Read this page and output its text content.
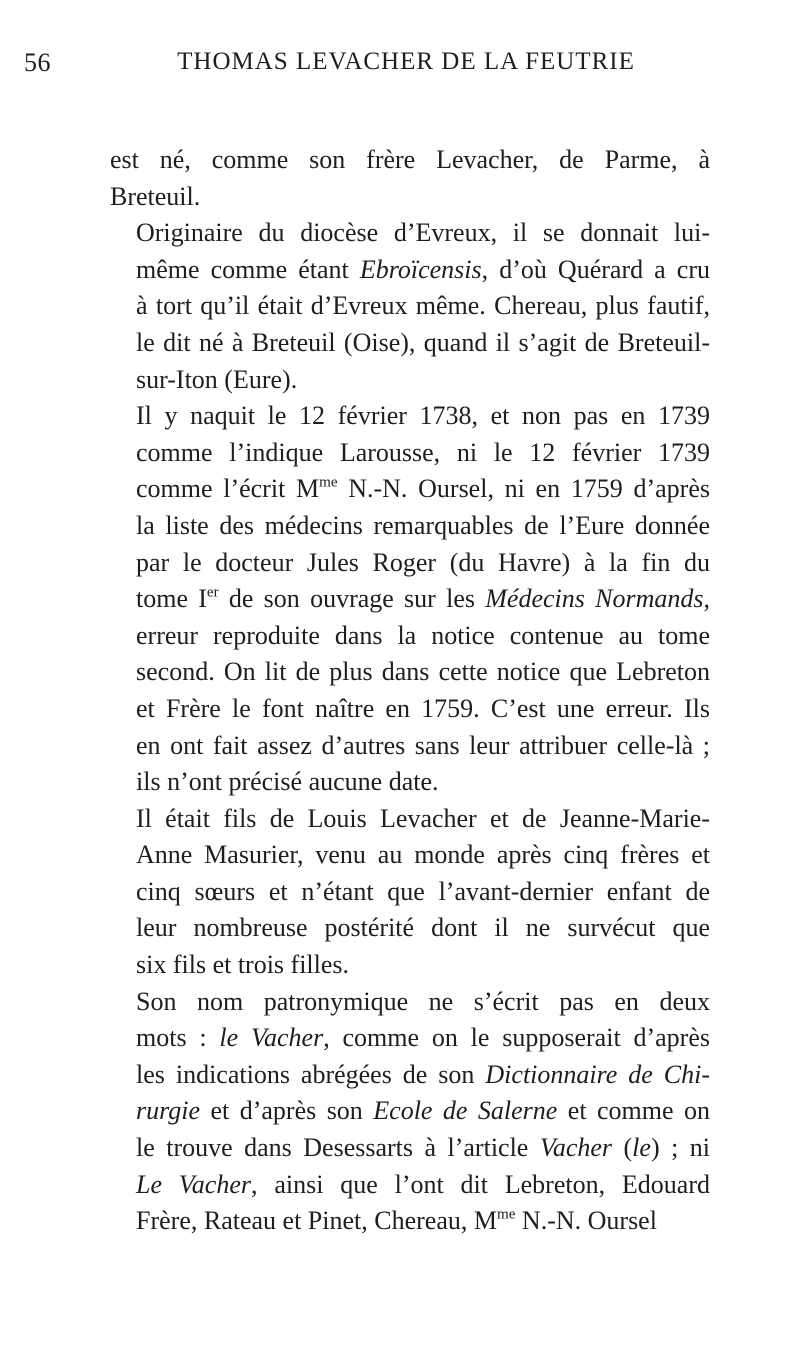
56	THOMAS LEVACHER DE LA FEUTRIE

est né, comme son frère Levacher, de Parme, à
Breteuil.

Originaire du diocèse d’Evreux, il se donnait lui-
même comme étant Ebroïcensis, d’où Quérard a cru
à tort qu’il était d’Evreux même. Chereau, plus fautif,
le dit né à Breteuil (Oise), quand il s’agit de Breteuil-
sur-Iton (Eure).

Il y naquit le 12 février 1738, et non pas en 1739
comme l’indique Larousse, ni le 12 février 1739
comme l’écrit $M^{me}$ N.-N. Oursel, ni en 1759 d’après
la liste des médecins remarquables de l’Eure donnée
par le docteur Jules Roger (du Havre) à la fin du
tome Ier de son ouvrage sur les Médecins Normands,
erreur reproduite dans la notice contenue au tome
second. On lit de plus dans cette notice que Lebreton
et Frère le font naître en 1759. C’est une erreur. Ils
en ont fait assez d’autres sans leur attribuer celle-là ;
ils n’ont précisé aucune date.

Il était fils de Louis Levacher et de Jeanne-Marie-
Anne Masurier, venu au monde après cinq frères et
cinq sœurs et n’étant que l’avant-dernier enfant de
leur nombreuse postérité dont il ne survécut que
six fils et trois filles.

Son nom patronymique ne s’écrit pas en deux
mots : le Vacher, comme on le supposerait d’après
les indications abrégées de son Dictionnaire de Chi-
rurgie et d’après son Ecole de Salerne et comme on
le trouve dans Desessarts à l’article Vacher (le) ; ni
Le Vacher, ainsi que l’ont dit Lebreton, Edouard
Frère, Rateau et Pinet, Chereau, $M^{me}$ N.-N. Oursel
